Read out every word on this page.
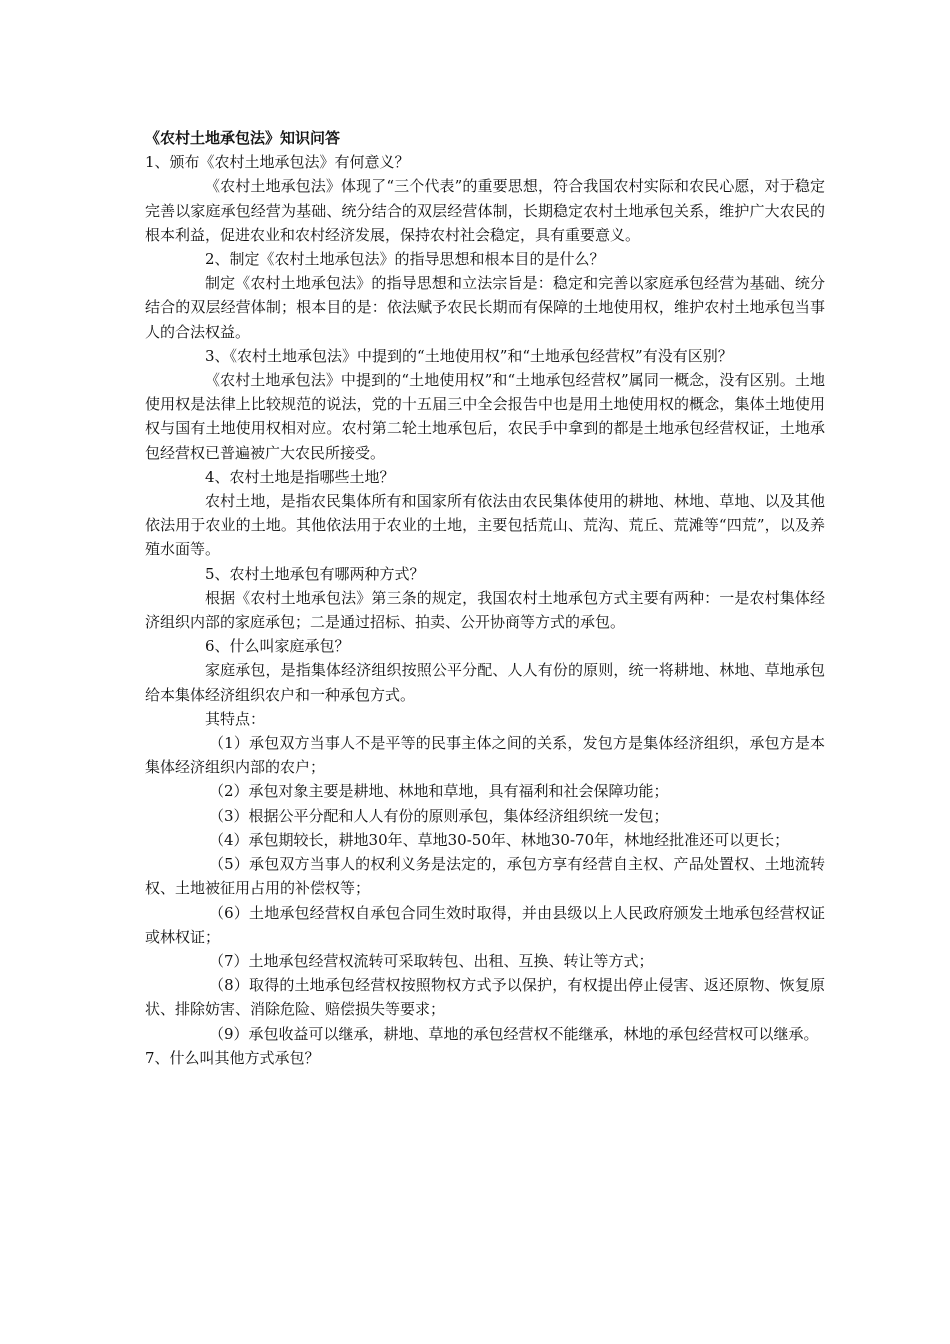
《农村土地承包法》知识问答

1、颁布《农村土地承包法》有何意义？

《农村土地承包法》体现了“三个代表”的重要思想，符合我国农村实际和农民心愿，对于稳定完善以家庭承包经营为基础、统分结合的双层经营体制，长期稳定农村土地承包关系，维护广大农民的根本利益，促进农业和农村经济发展，保持农村社会稳定，具有重要意义。

2、制定《农村土地承包法》的指导思想和根本目的是什么？

制定《农村土地承包法》的指导思想和立法宗旨是：稳定和完善以家庭承包经营为基础、统分结合的双层经营体制；根本目的是：依法赋予农民长期而有保障的土地使用权，维护农村土地承包当事人的合法权益。

3、《农村土地承包法》中提到的“土地使用权”和“土地承包经营权”有没有区别？

《农村土地承包法》中提到的“土地使用权”和“土地承包经营权”属同一概念，没有区别。土地使用权是法律上比较规范的说法，党的十五届三中全会报告中也是用土地使用权的概念，集体土地使用权与国有土地使用权相对应。农村第二轮土地承包后，农民手中拿到的都是土地承包经营权证，土地承包经营权已普遍被广大农民所接受。

4、农村土地是指哪些土地？

农村土地，是指农民集体所有和国家所有依法由农民集体使用的耕地、林地、草地、以及其他依法用于农业的土地。其他依法用于农业的土地，主要包括荒山、荒沟、荒丘、荒滩等“四荒”，以及养殖水面等。

5、农村土地承包有哪两种方式？

根据《农村土地承包法》第三条的规定，我国农村土地承包方式主要有两种：一是农村集体经济组织内部的家庭承包；二是通过招标、拍卖、公开协商等方式的承包。

6、什么叫家庭承包？

家庭承包，是指集体经济组织按照公平分配、人人有份的原则，统一将耕地、林地、草地承包给本集体经济组织农户和一种承包方式。

其特点：

（1）承包双方当事人不是平等的民事主体之间的关系，发包方是集体经济组织，承包方是本集体经济组织内部的农户；

（2）承包对象主要是耕地、林地和草地，具有福利和社会保障功能；

（3）根据公平分配和人人有份的原则承包，集体经济组织统一发包；

（4）承包期较长，耕地30年、草地30-50年、林地30-70年，林地经批准还可以更长；

（5）承包双方当事人的权利义务是法定的，承包方享有经营自主权、产品处置权、土地流转权、土地被征用占用的补偿权等；

（6）土地承包经营权自承包合同生效时取得，并由县级以上人民政府颁发土地承包经营权证或林权证；

（7）土地承包经营权流转可采取转包、出租、互换、转让等方式；

（8）取得的土地承包经营权按照物权方式予以保护，有权提出停止侵害、返还原物、恢复原状、排除妨害、消除危险、赔偿损失等要求；

（9）承包收益可以继承，耕地、草地的承包经营权不能继承，林地的承包经营权可以继承。

7、什么叫其他方式承包？
